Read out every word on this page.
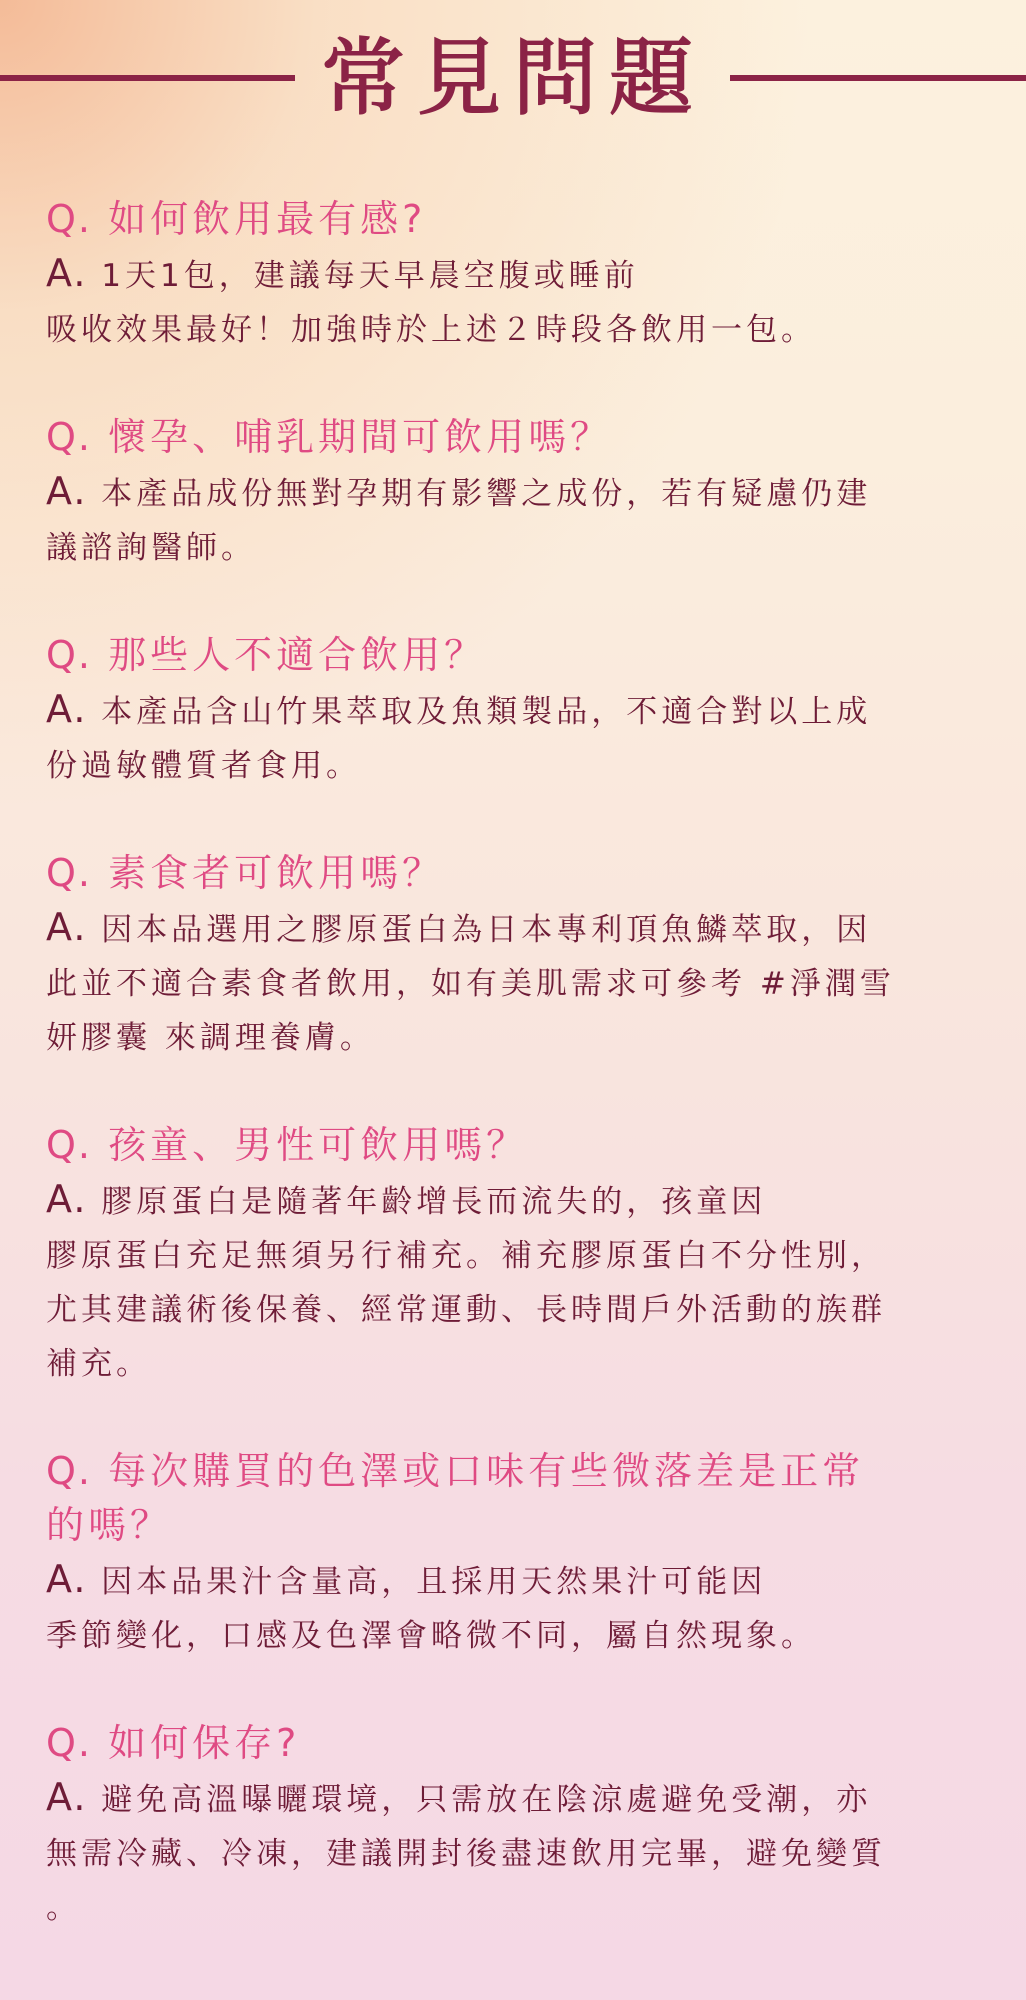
常見問題
Q. 如何飲用最有感?
A. 1天1包，建議每天早晨空腹或睡前
吸收效果最好！加強時於上述２時段各飲用一包。
Q. 懷孕、哺乳期間可飲用嗎？
A. 本產品成份無對孕期有影響之成份，若有疑慮仍建
議諮詢醫師。
Q. 那些人不適合飲用？
A. 本產品含山竹果萃取及魚類製品，不適合對以上成
份過敏體質者食用。
Q. 素食者可飲用嗎？
A. 因本品選用之膠原蛋白為日本專利頂魚鱗萃取，因
此並不適合素食者飲用，如有美肌需求可參考 #淨潤雪
妍膠囊 來調理養膚。
Q. 孩童、男性可飲用嗎？
A. 膠原蛋白是隨著年齡增長而流失的，孩童因
膠原蛋白充足無須另行補充。補充膠原蛋白不分性別，
尤其建議術後保養、經常運動、長時間戶外活動的族群
補充。
Q. 每次購買的色澤或口味有些微落差是正常
的嗎？
A. 因本品果汁含量高，且採用天然果汁可能因
季節變化，口感及色澤會略微不同，屬自然現象。
Q. 如何保存?
A. 避免高溫曝曬環境，只需放在陰涼處避免受潮，亦
無需冷藏、冷凍，建議開封後盡速飲用完畢，避免變質
。
